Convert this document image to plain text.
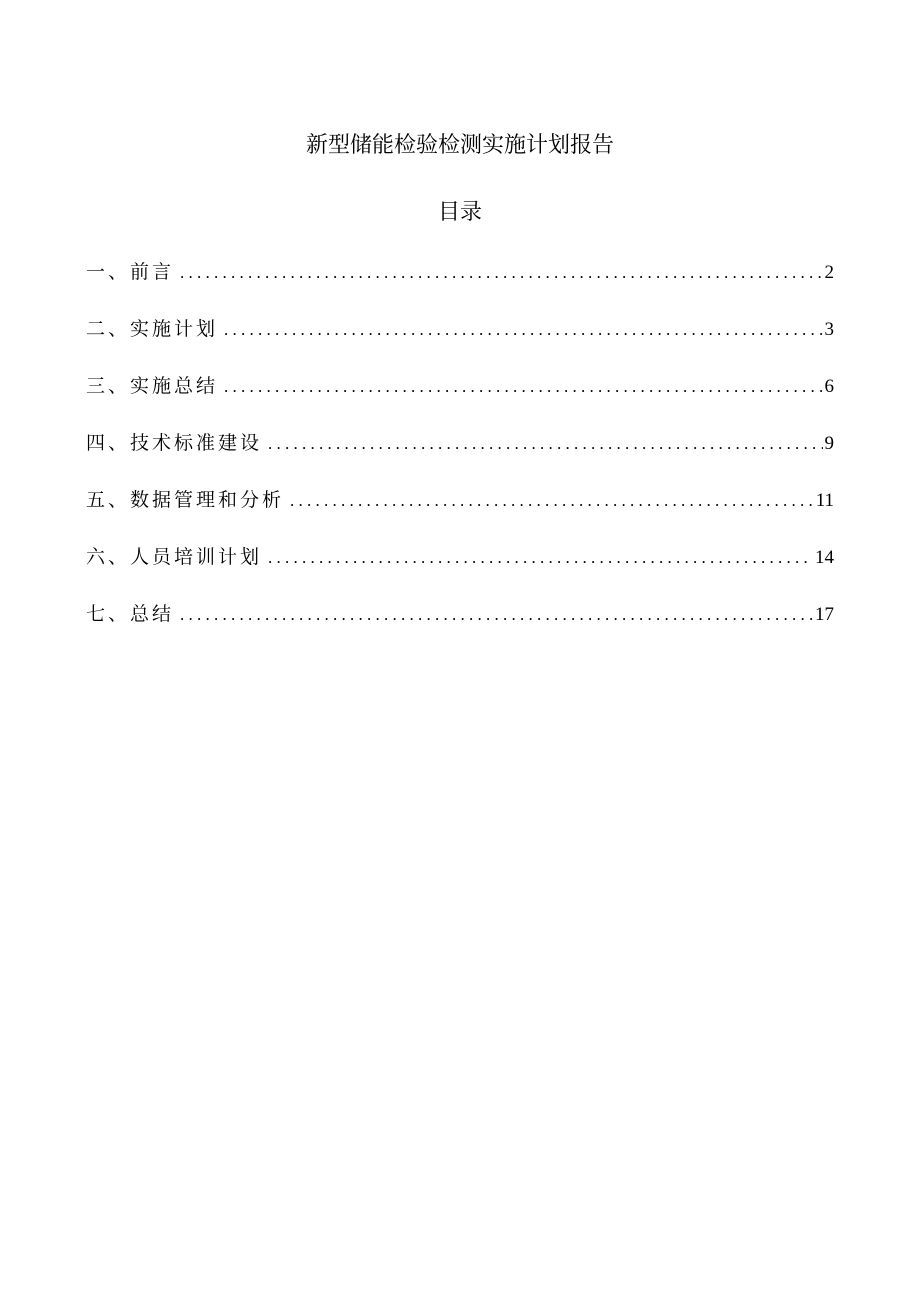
新型储能检验检测实施计划报告
目录
一、前言 . . .	2
二、实施计划 . . .	3
三、实施总结 . . .	6
四、技术标准建设 . . .	9
五、数据管理和分析 . . .	11
六、人员培训计划 . . .	14
七、总结 . . .	17
